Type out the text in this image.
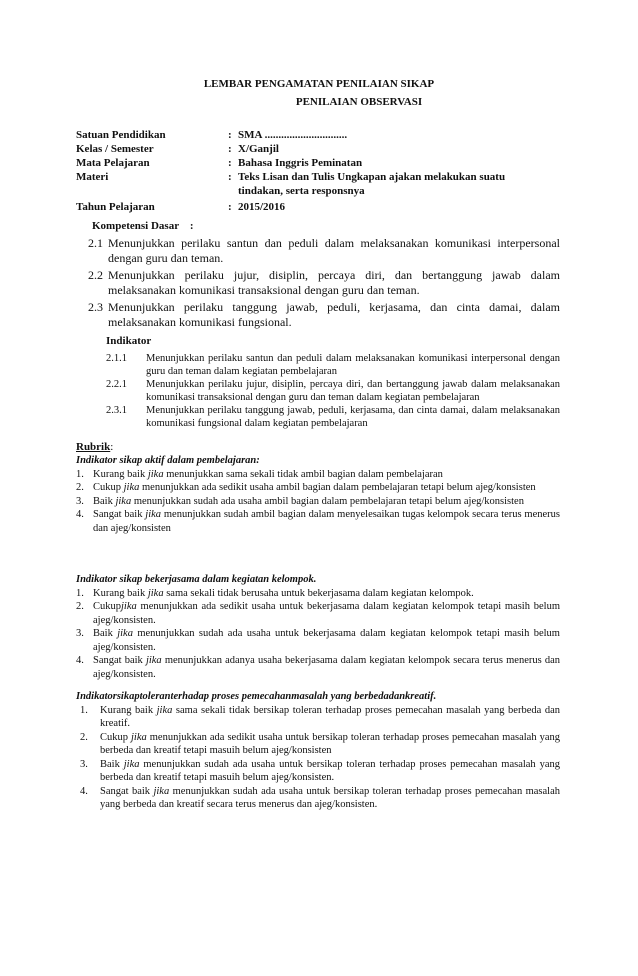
LEMBAR PENGAMATAN PENILAIAN SIKAP
PENILAIAN OBSERVASI
Satuan Pendidikan	: SMA ..............................
Kelas / Semester	: X/Ganjil
Mata Pelajaran	: Bahasa Inggris Peminatan
Materi	: Teks Lisan dan Tulis Ungkapan ajakan melakukan suatu tindakan, serta responsnya
Tahun Pelajaran	: 2015/2016
Kompetensi Dasar    :
2.1 Menunjukkan perilaku santun dan peduli dalam melaksanakan komunikasi interpersonal dengan guru dan teman.
2.2 Menunjukkan perilaku jujur, disiplin, percaya diri, dan bertanggung jawab dalam melaksanakan komunikasi transaksional dengan guru dan teman.
2.3 Menunjukkan perilaku tanggung jawab, peduli, kerjasama, dan cinta damai, dalam melaksanakan komunikasi fungsional.
Indikator
2.1.1	Menunjukkan perilaku santun dan peduli dalam melaksanakan komunikasi interpersonal dengan guru dan teman dalam kegiatan pembelajaran
2.2.1	Menunjukkan perilaku jujur, disiplin, percaya diri, dan bertanggung jawab dalam melaksanakan komunikasi transaksional dengan guru dan teman dalam kegiatan pembelajaran
2.3.1	Menunjukkan perilaku tanggung jawab, peduli, kerjasama, dan cinta damai, dalam melaksanakan komunikasi fungsional dalam kegiatan pembelajaran
Rubrik:
Indikator sikap aktif dalam pembelajaran:
1. Kurang baik jika menunjukkan sama sekali tidak ambil bagian dalam pembelajaran
2. Cukup jika menunjukkan ada sedikit usaha ambil bagian dalam pembelajaran tetapi belum ajeg/konsisten
3. Baik jika menunjukkan sudah ada usaha ambil bagian dalam pembelajaran tetapi belum ajeg/konsisten
4. Sangat baik jika menunjukkan sudah ambil bagian dalam menyelesaikan tugas kelompok secara terus menerus dan ajeg/konsisten
Indikator sikap bekerjasama dalam kegiatan kelompok.
1. Kurang baik jika sama sekali tidak berusaha untuk bekerjasama dalam kegiatan kelompok.
2. Cukupjika menunjukkan ada sedikit usaha untuk bekerjasama dalam kegiatan kelompok tetapi masih belum ajeg/konsisten.
3. Baik jika menunjukkan sudah ada usaha untuk bekerjasama dalam kegiatan kelompok tetapi masih belum ajeg/konsisten.
4. Sangat baik jika menunjukkan adanya usaha bekerjasama dalam kegiatan kelompok secara terus menerus dan ajeg/konsisten.
Indikatorsikaptoleranterhadap proses pemecahanmasalah yang berbedadankreatif.
1.	Kurang baik jika sama sekali tidak bersikap toleran terhadap proses pemecahan masalah yang berbeda dan kreatif.
2.	Cukup jika menunjukkan ada sedikit usaha untuk bersikap toleran terhadap proses pemecahan masalah yang berbeda dan kreatif tetapi masuih belum ajeg/konsisten
3.	Baik jika menunjukkan sudah ada usaha untuk bersikap toleran terhadap proses pemecahan masalah yang berbeda dan kreatif tetapi masuih belum ajeg/konsisten.
4.	Sangat baik jika menunjukkan sudah ada usaha untuk bersikap toleran terhadap proses pemecahan masalah yang berbeda dan kreatif secara terus menerus dan ajeg/konsisten.
